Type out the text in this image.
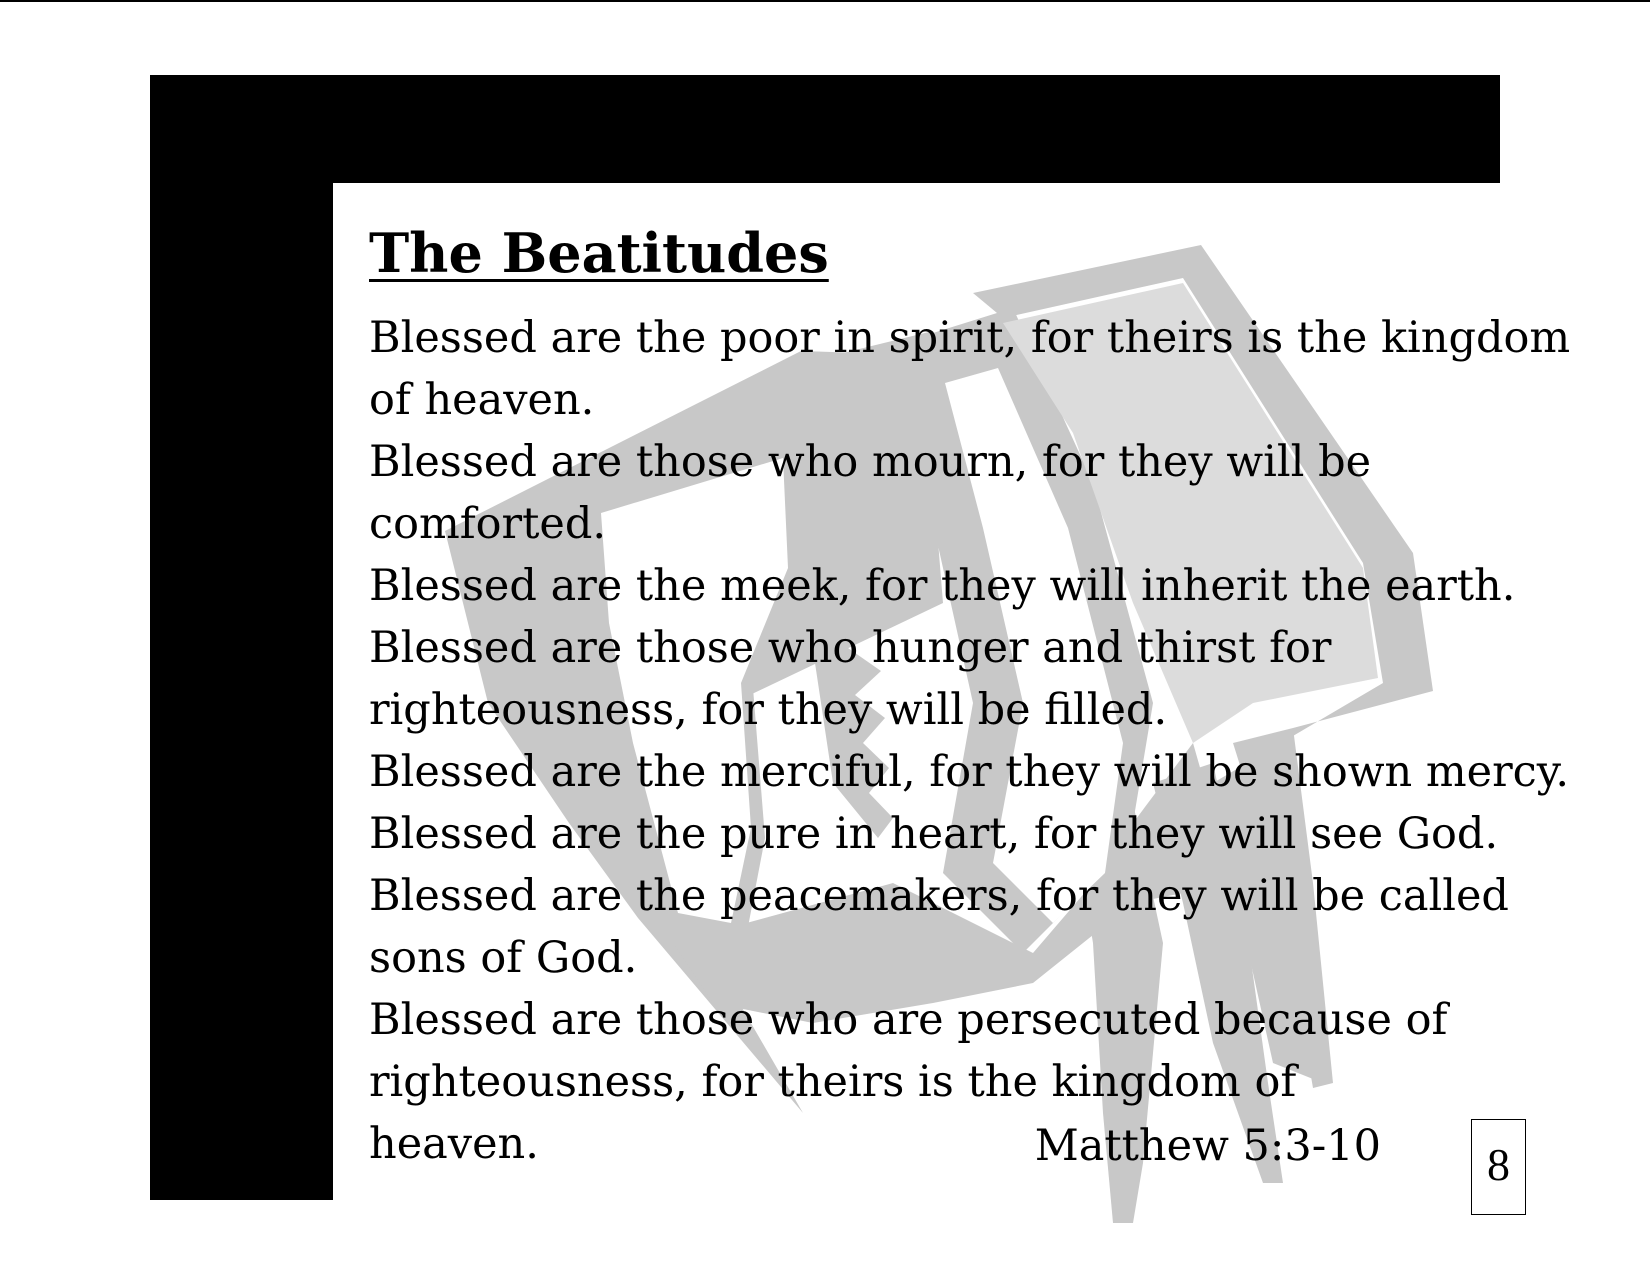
The Beatitudes
Blessed are the poor in spirit, for theirs is the kingdom
of heaven.
Blessed are those who mourn, for they will be
comforted.
Blessed are the meek, for they will inherit the earth.
Blessed are those who hunger and thirst for
righteousness, for they will be filled.
Blessed are the merciful, for they will be shown mercy.
Blessed are the pure in heart, for they will see God.
Blessed are the peacemakers, for they will be called
sons of God.
Blessed are those who are persecuted because of
righteousness, for theirs is the kingdom of
heaven.	Matthew 5:3-10	8
